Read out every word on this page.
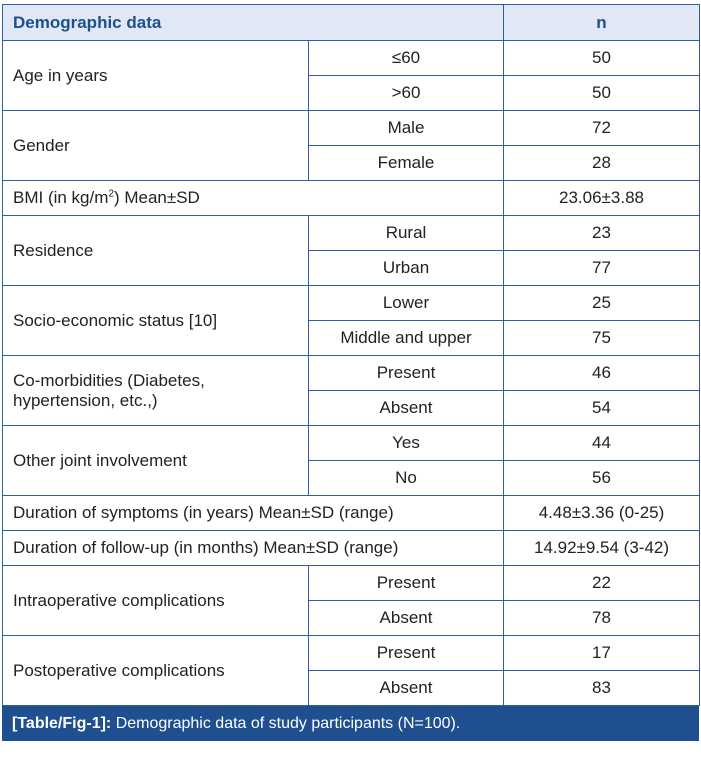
Demographic data		n
Age in years	≤60	50
	>60	50
Gender	Male	72
	Female	28
BMI (in $kg/m^2$) Mean±SD		23.06±3.88
Residence	Rural	23
	Urban	77
Socio-economic status [10]	Lower	25
	Middle and upper	75
Co-morbidities (Diabetes, hypertension, etc.,)	Present	46
	Absent	54
Other joint involvement	Yes	44
	No	56
Duration of symptoms (in years) Mean±SD (range)		4.48±3.36 (0-25)
Duration of follow-up (in months) Mean±SD (range)		14.92±9.54 (3-42)
Intraoperative complications	Present	22
	Absent	78
Postoperative complications	Present	17
	Absent	83
[Table/Fig-1]: Demographic data of study participants (N=100).
